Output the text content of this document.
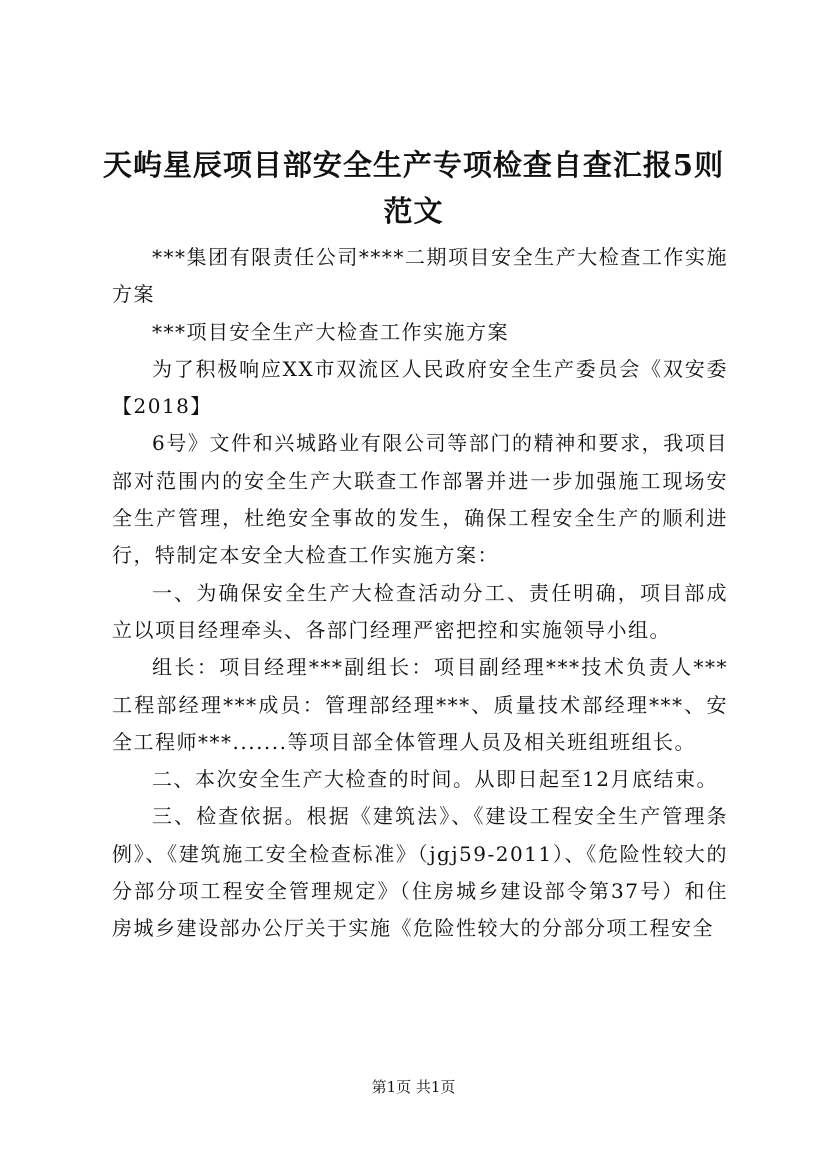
天屿星辰项目部安全生产专项检查自查汇报5则范文

***集团有限责任公司****二期项目安全生产大检查工作实施方案

***项目安全生产大检查工作实施方案

为了积极响应XX市双流区人民政府安全生产委员会《双安委【2018】

6号》文件和兴城路业有限公司等部门的精神和要求，我项目部对范围内的安全生产大联查工作部署并进一步加强施工现场安全生产管理，杜绝安全事故的发生，确保工程安全生产的顺利进行，特制定本安全大检查工作实施方案：

一、为确保安全生产大检查活动分工、责任明确，项目部成立以项目经理牵头、各部门经理严密把控和实施领导小组。

组长：项目经理***副组长：项目副经理***技术负责人***工程部经理***成员：管理部经理***、质量技术部经理***、安全工程师***.......等项目部全体管理人员及相关班组班组长。

二、本次安全生产大检查的时间。从即日起至12月底结束。

三、检查依据。根据《建筑法》、《建设工程安全生产管理条例》、《建筑施工安全检查标准》（jgj59-2011）、《危险性较大的分部分项工程安全管理规定》（住房城乡建设部令第37号）和住房城乡建设部办公厅关于实施《危险性较大的分部分项工程安全

第1页 共1页
